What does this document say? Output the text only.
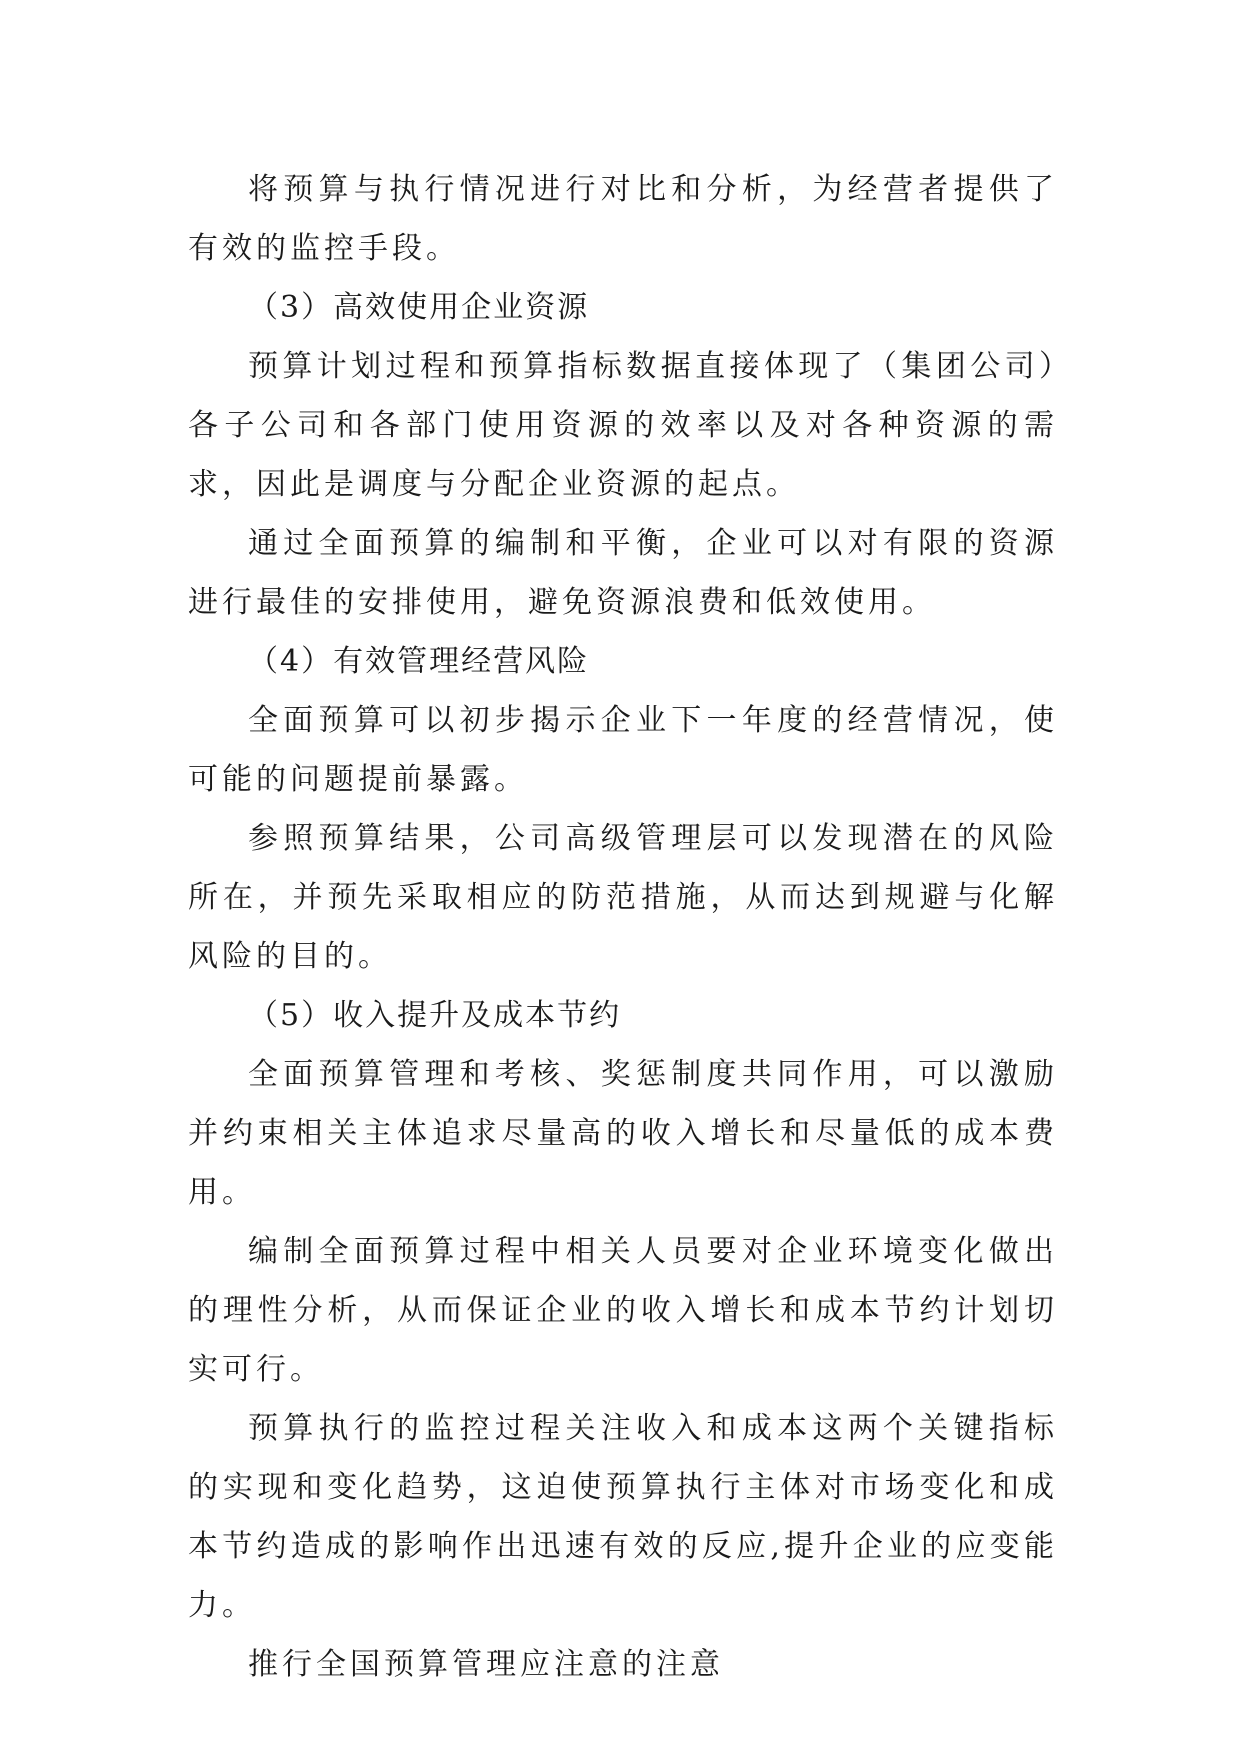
将预算与执行情况进行对比和分析，为经营者提供了有效的监控手段。

（3）高效使用企业资源

预算计划过程和预算指标数据直接体现了（集团公司）各子公司和各部门使用资源的效率以及对各种资源的需求，因此是调度与分配企业资源的起点。

通过全面预算的编制和平衡，企业可以对有限的资源进行最佳的安排使用，避免资源浪费和低效使用。

（4）有效管理经营风险

全面预算可以初步揭示企业下一年度的经营情况，使可能的问题提前暴露。

参照预算结果，公司高级管理层可以发现潜在的风险所在，并预先采取相应的防范措施，从而达到规避与化解风险的目的。

（5）收入提升及成本节约

全面预算管理和考核、奖惩制度共同作用，可以激励并约束相关主体追求尽量高的收入增长和尽量低的成本费用。

编制全面预算过程中相关人员要对企业环境变化做出的理性分析，从而保证企业的收入增长和成本节约计划切实可行。

预算执行的监控过程关注收入和成本这两个关键指标的实现和变化趋势，这迫使预算执行主体对市场变化和成本节约造成的影响作出迅速有效的反应,提升企业的应变能力。

推行全国预算管理应注意的注意
